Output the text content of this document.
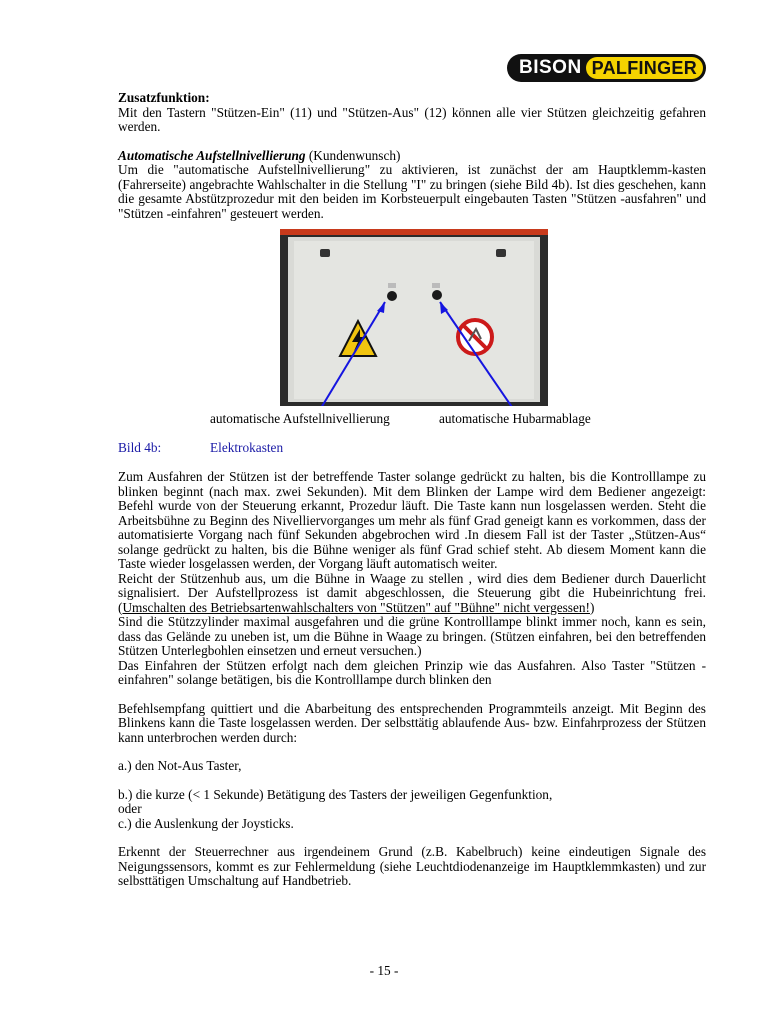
BISON PALFINGER

Zusatzfunktion:

Mit den Tastern "Stützen-Ein" (11) und "Stützen-Aus" (12) können alle vier Stützen gleichzeitig gefahren werden.

Automatische Aufstellnivellierung (Kundenwunsch)

Um die "automatische Aufstellnivellierung" zu aktivieren, ist zunächst der am Hauptklemm-kasten (Fahrerseite) angebrachte Wahlschalter in die Stellung "I" zu bringen (siehe Bild 4b). Ist dies geschehen, kann die gesamte Abstützprozedur mit den beiden im Korbsteuerpult eingebauten Tasten "Stützen -ausfahren" und "Stützen -einfahren" gesteuert werden.

automatische Aufstellnivellierung	automatische Hubarmablage
Bild 4b:	Elektrokasten

Zum Ausfahren der Stützen ist der betreffende Taster solange gedrückt zu halten, bis die Kontrolllampe zu blinken beginnt (nach max. zwei Sekunden). Mit dem Blinken der Lampe wird dem Bediener angezeigt: Befehl wurde von der Steuerung erkannt, Prozedur läuft. Die Taste kann nun losgelassen werden. Steht die Arbeitsbühne zu Beginn des Nivelliervorganges um mehr als fünf Grad geneigt kann es vorkommen, dass der automatisierte Vorgang nach fünf Sekunden abgebrochen wird .In diesem Fall ist der Taster „Stützen-Aus“ solange gedrückt zu halten, bis die Bühne weniger als fünf Grad schief steht. Ab diesem Moment kann die Taste wieder losgelassen werden, der Vorgang läuft automatisch weiter.

Reicht der Stützenhub aus, um die Bühne in Waage zu stellen , wird dies dem Bediener durch Dauerlicht signalisiert. Der Aufstellprozess ist damit abgeschlossen, die Steuerung gibt die Hubeinrichtung frei. (Umschalten des Betriebsartenwahlschalters von "Stützen" auf "Bühne" nicht vergessen!)

Sind die Stützzylinder maximal ausgefahren und die grüne Kontrolllampe blinkt immer noch, kann es sein, dass das Gelände zu uneben ist, um die Bühne in Waage zu bringen. (Stützen einfahren, bei den betreffenden Stützen Unterlegbohlen einsetzen und erneut versuchen.)

Das Einfahren der Stützen erfolgt nach dem gleichen Prinzip wie das Ausfahren. Also Taster "Stützen -einfahren" solange betätigen, bis die Kontrolllampe durch blinken den

Befehlsempfang quittiert und die Abarbeitung des entsprechenden Programmteils anzeigt. Mit Beginn des Blinkens kann die Taste losgelassen werden. Der selbsttätig ablaufende Aus- bzw. Einfahrprozess der Stützen kann unterbrochen werden durch:

a.) den Not-Aus Taster,

b.) die kurze (< 1 Sekunde) Betätigung des Tasters der jeweiligen Gegenfunktion,

oder

c.) die Auslenkung der Joysticks.

Erkennt der Steuerrechner aus irgendeinem Grund (z.B. Kabelbruch) keine eindeutigen Signale des Neigungssensors, kommt es zur Fehlermeldung (siehe Leuchtdiodenanzeige im Hauptklemmkasten) und zur selbsttätigen Umschaltung auf Handbetrieb.

- 15 -
